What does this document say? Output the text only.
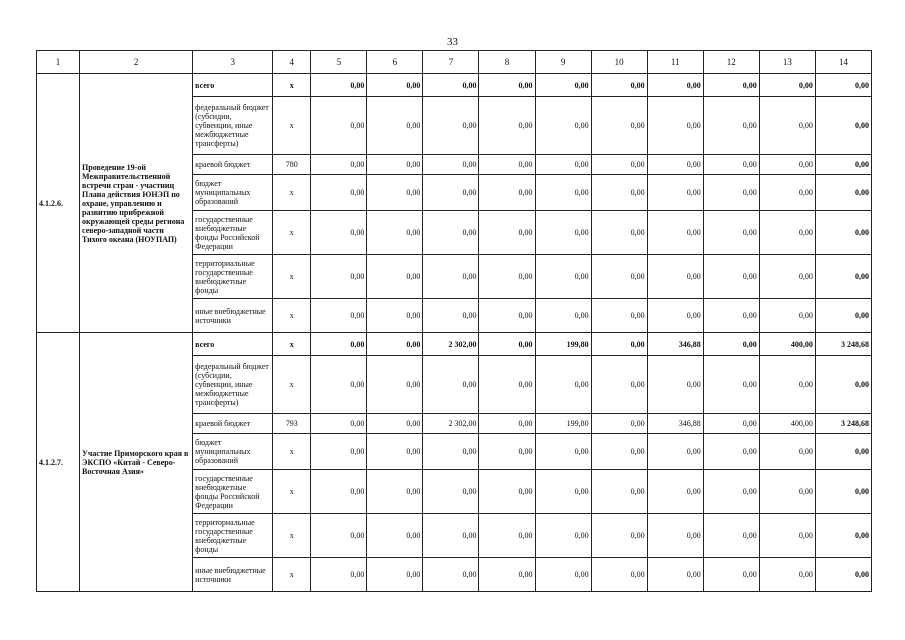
33
1	2	3	4	5	6	7	8	9	10	11	12	13	14
4.1.2.6.	Проведение 19-ой Межправительственной встречи стран - участниц Плана действия ЮНЭП по охране, управлению и развитию прибрежной окружающей среды региона северо-западной части Тихого океана (НОУПАП)	всего	х	0,00	0,00	0,00	0,00	0,00	0,00	0,00	0,00	0,00	0,00
		федеральный бюджет (субсидии, субвенции, иные межбюджетные трансферты)	х	0,00	0,00	0,00	0,00	0,00	0,00	0,00	0,00	0,00	0,00
		краевой бюджет	780	0,00	0,00	0,00	0,00	0,00	0,00	0,00	0,00	0,00	0,00
		бюджет муниципальных образований	х	0,00	0,00	0,00	0,00	0,00	0,00	0,00	0,00	0,00	0,00
		государственные внебюджетные фонды Российской Федерации	х	0,00	0,00	0,00	0,00	0,00	0,00	0,00	0,00	0,00	0,00
		территориальные государственные внебюджетные фонды	х	0,00	0,00	0,00	0,00	0,00	0,00	0,00	0,00	0,00	0,00
		иные внебюджетные источники	х	0,00	0,00	0,00	0,00	0,00	0,00	0,00	0,00	0,00	0,00
4.1.2.7.	Участие Приморского края в ЭКСПО «Китай - Северо-Восточная Азия»	всего	х	0,00	0,00	2 302,00	0,00	199,80	0,00	346,88	0,00	400,00	3 248,68
		федеральный бюджет (субсидии, субвенции, иные межбюджетные трансферты)	х	0,00	0,00	0,00	0,00	0,00	0,00	0,00	0,00	0,00	0,00
		краевой бюджет	793	0,00	0,00	2 302,00	0,00	199,80	0,00	346,88	0,00	400,00	3 248,68
		бюджет муниципальных образований	х	0,00	0,00	0,00	0,00	0,00	0,00	0,00	0,00	0,00	0,00
		государственные внебюджетные фонды Российской Федерации	х	0,00	0,00	0,00	0,00	0,00	0,00	0,00	0,00	0,00	0,00
		территориальные государственные внебюджетные фонды	х	0,00	0,00	0,00	0,00	0,00	0,00	0,00	0,00	0,00	0,00
		иные внебюджетные источники	х	0,00	0,00	0,00	0,00	0,00	0,00	0,00	0,00	0,00	0,00
